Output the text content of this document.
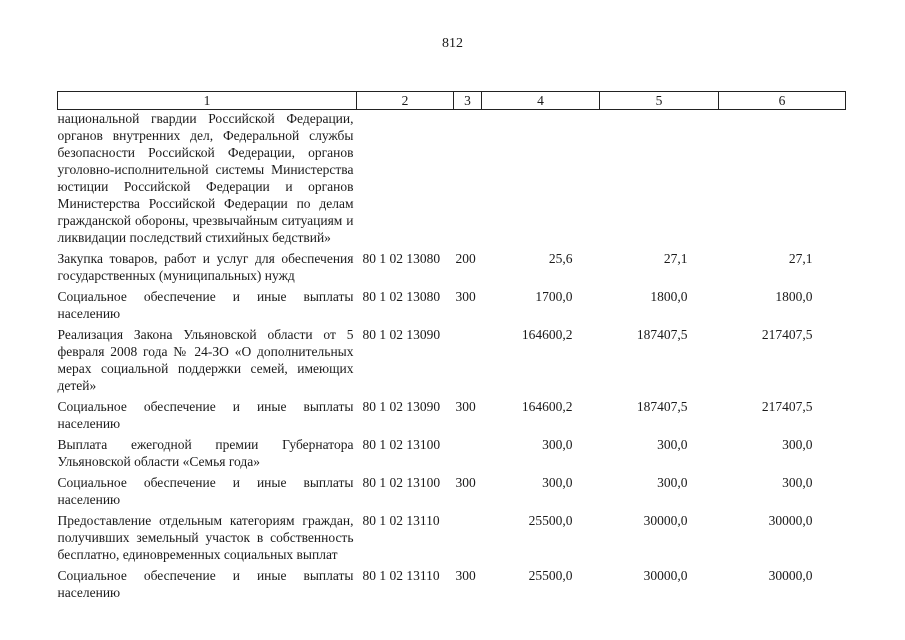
812
1	2	3	4	5	6
национальной гвардии Российской Федерации, органов внутренних дел, Федеральной службы безопасности Российской Федерации, органов уголовно-исполнительной системы Министерства юстиции Российской Федерации и органов Министерства Российской Федерации по делам гражданской обороны, чрезвычайным ситуациям и ликвидации последствий стихийных бедствий»					
Закупка товаров, работ и услуг для обеспечения государственных (муниципальных) нужд	80 1 02 13080	200	25,6	27,1	27,1
Социальное обеспечение и иные выплаты населению	80 1 02 13080	300	1700,0	1800,0	1800,0
Реализация Закона Ульяновской области от 5 февраля 2008 года № 24-ЗО «О дополнительных мерах социальной поддержки семей, имеющих детей»	80 1 02 13090		164600,2	187407,5	217407,5
Социальное обеспечение и иные выплаты населению	80 1 02 13090	300	164600,2	187407,5	217407,5
Выплата ежегодной премии Губернатора Ульяновской области «Семья года»	80 1 02 13100		300,0	300,0	300,0
Социальное обеспечение и иные выплаты населению	80 1 02 13100	300	300,0	300,0	300,0
Предоставление отдельным категориям граждан, получивших земельный участок в собственность бесплатно, единовременных социальных выплат	80 1 02 13110		25500,0	30000,0	30000,0
Социальное обеспечение и иные выплаты населению	80 1 02 13110	300	25500,0	30000,0	30000,0
